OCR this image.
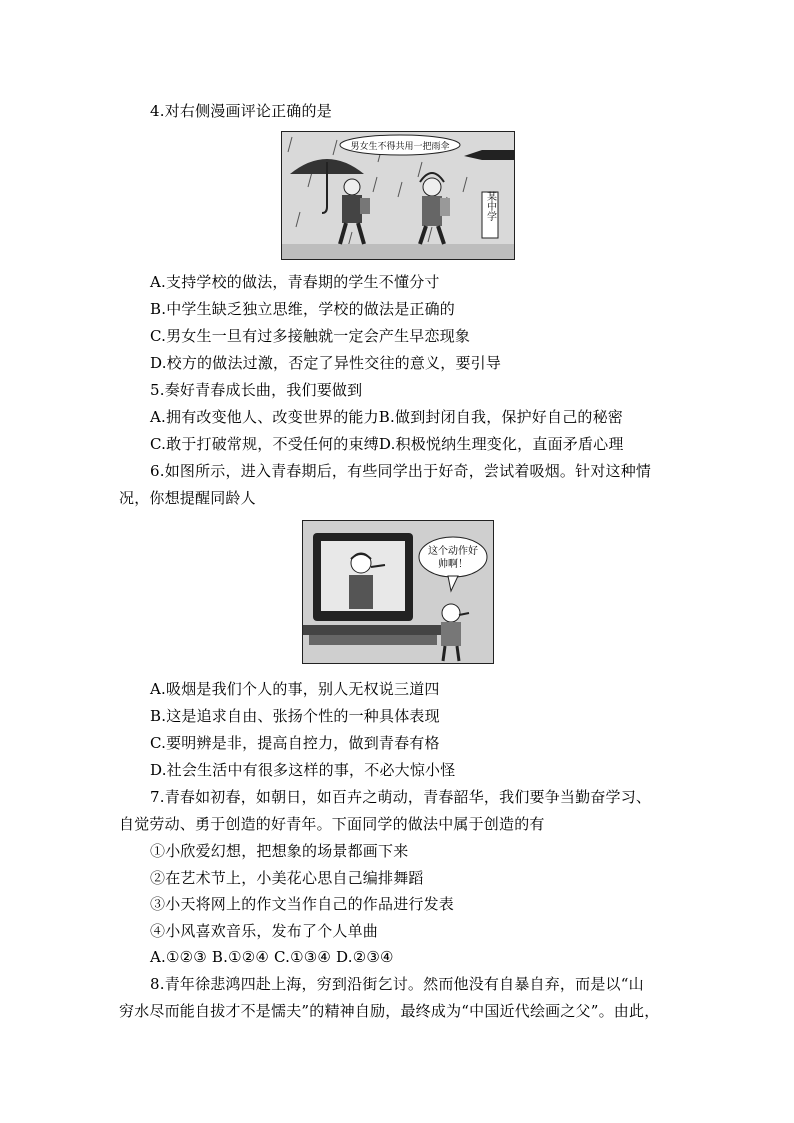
4.对右侧漫画评论正确的是
男女生不得共用一把雨伞
某中学
A.支持学校的做法，青春期的学生不懂分寸
B.中学生缺乏独立思维，学校的做法是正确的
C.男女生一旦有过多接触就一定会产生早恋现象
D.校方的做法过激，否定了异性交往的意义，要引导
5.奏好青春成长曲，我们要做到
A.拥有改变他人、改变世界的能力B.做到封闭自我，保护好自己的秘密
C.敢于打破常规，不受任何的束缚D.积极悦纳生理变化，直面矛盾心理
6.如图所示，进入青春期后，有些同学出于好奇，尝试着吸烟。针对这种情
况，你想提醒同龄人
这个动作好
帅啊！
A.吸烟是我们个人的事，别人无权说三道四
B.这是追求自由、张扬个性的一种具体表现
C.要明辨是非，提高自控力，做到青春有格
D.社会生活中有很多这样的事，不必大惊小怪
7.青春如初春，如朝日，如百卉之萌动，青春韶华，我们要争当勤奋学习、
自觉劳动、勇于创造的好青年。下面同学的做法中属于创造的有
①小欣爱幻想，把想象的场景都画下来
②在艺术节上，小美花心思自己编排舞蹈
③小天将网上的作文当作自己的作品进行发表
④小风喜欢音乐，发布了个人单曲
A.①②③ B.①②④ C.①③④ D.②③④
8.青年徐悲鸿四赴上海，穷到沿街乞讨。然而他没有自暴自弃，而是以“山
穷水尽而能自拔才不是懦夫”的精神自励，最终成为“中国近代绘画之父”。由此，
